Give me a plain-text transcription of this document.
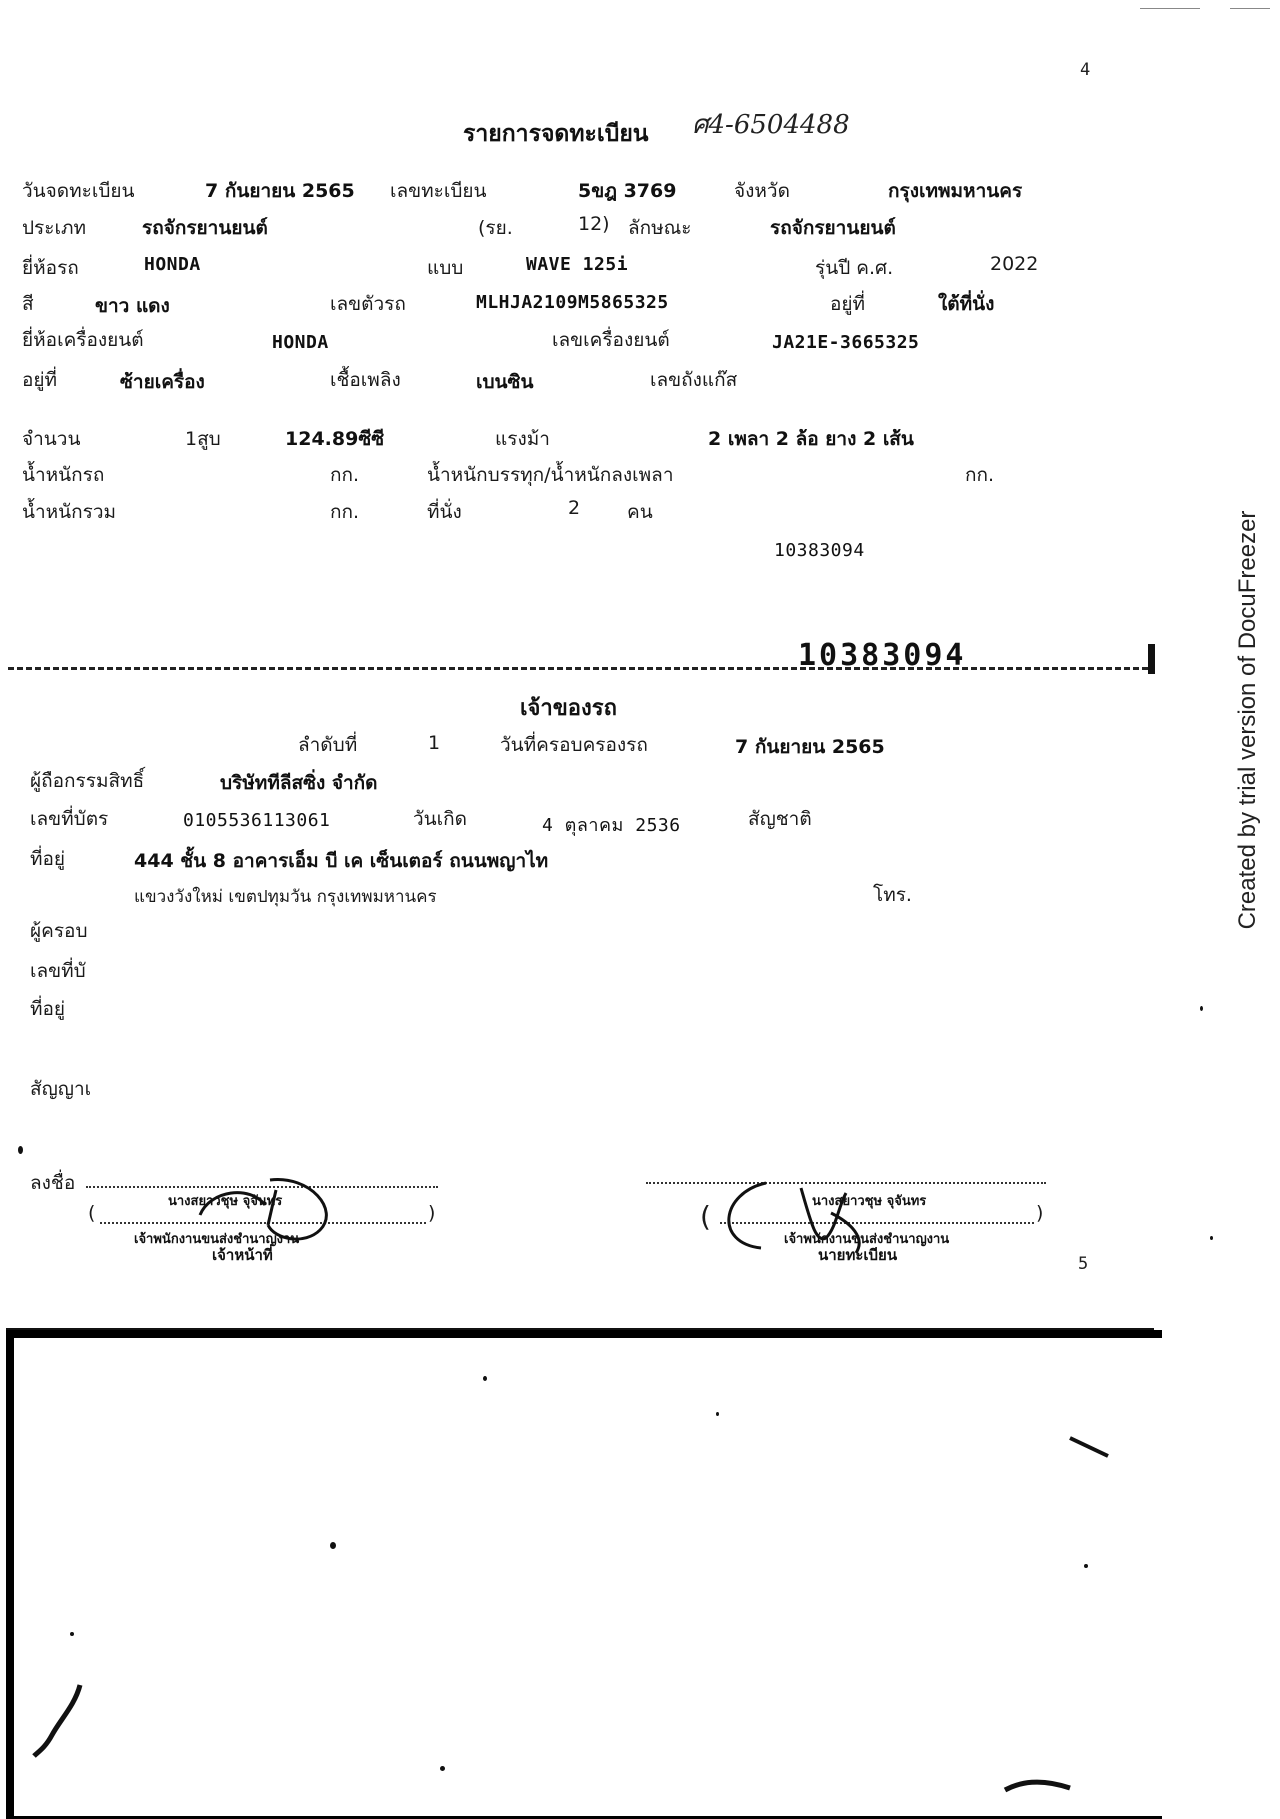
4
5
Created by trial version of DocuFreezer
รายการจดทะเบียน ศ4-6504488
วันจดทะเบียน	7 กันยายน 2565 เลขทะเบียน	5ขฎ 3769	จังหวัด	กรุงเทพมหานคร
ประเภท	รถจักรยานยนต์	(รย.	12) ลักษณะ	รถจักรยานยนต์
ยี่ห้อรถ	HONDA	แบบ	WAVE 125i	รุ่นปี ค.ศ.	2022
สี	ขาว แดง	เลขตัวรถ	MLHJA2109M5865325	อยู่ที่	ใต้ที่นั่ง
ยี่ห้อเครื่องยนต์	HONDA	เลขเครื่องยนต์	JA21E-3665325
อยู่ที่	ซ้ายเครื่อง	เชื้อเพลิง	เบนซิน	เลขถังแก๊ส
จำนวน	1สูบ	124.89ซีซี	แรงม้า	2 เพลา 2 ล้อ ยาง 2 เส้น
น้ำหนักรถ	กก.	น้ำหนักบรรทุก/น้ำหนักลงเพลา	กก.
น้ำหนักรวม	กก.	ที่นั่ง	2 คน
10383094
10383094
เจ้าของรถ
ลำดับที่	1	วันที่ครอบครองรถ	7 กันยายน 2565
ผู้ถือกรรมสิทธิ์	บริษัททีลีสซิ่ง จำกัด
เลขที่บัตร	0105536113061	วันเกิด	4 ตุลาคม 2536	สัญชาติ
ที่อยู่	444 ชั้น 8 อาคารเอ็ม บี เค เซ็นเตอร์ ถนนพญาไท
แขวงวังใหม่ เขตปทุมวัน กรุงเทพมหานคร	โทร.
ผู้ครอบ
เลขที่บั
ที่อยู่
สัญญาเ
ลงชื่อ
นางสยาวชุษ จุจันทร
(	)
เจ้าพนักงานขนส่งชำนาญงาน
เจ้าหน้าที่
นางสยาวชุษ จุจันทร
(	)
เจ้าพนักงานขนส่งชำนาญงาน
นายทะเบียน
